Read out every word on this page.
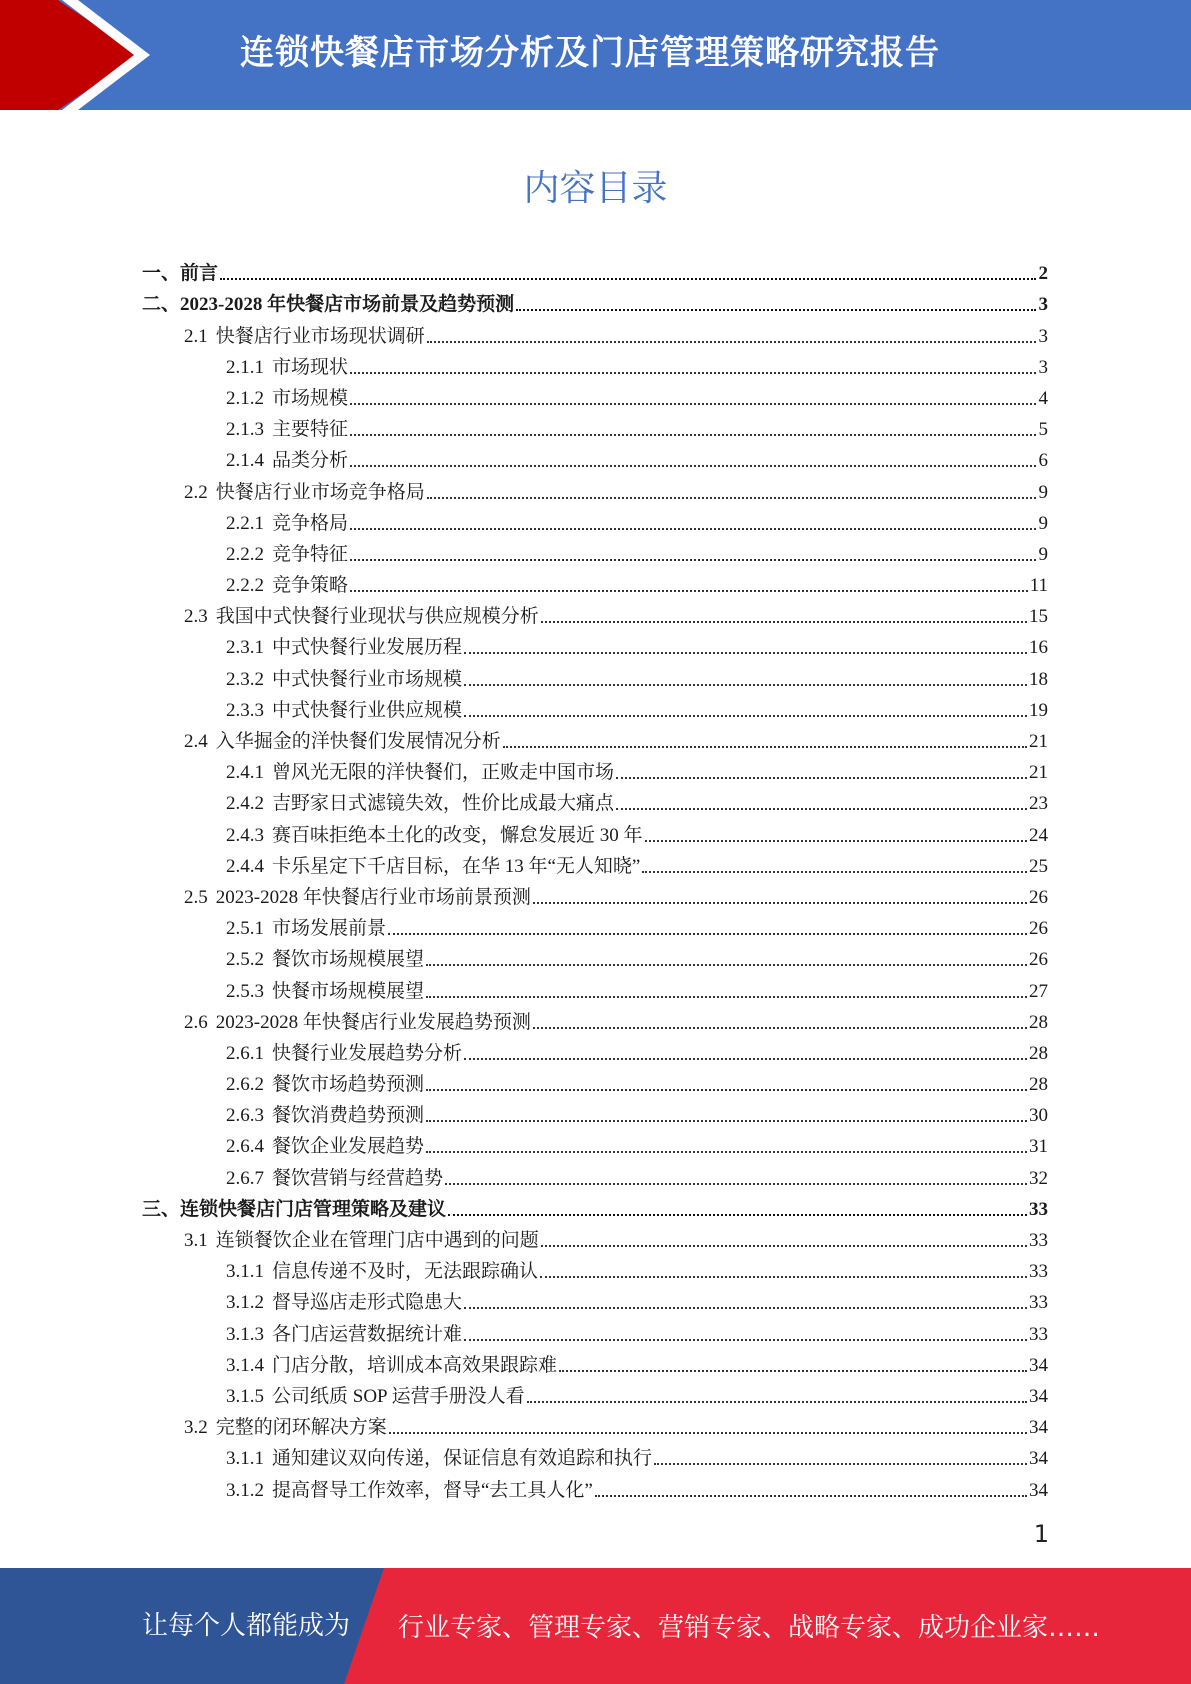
连锁快餐店市场分析及门店管理策略研究报告
内容目录
一、 前言	2
二、 2023-2028 年快餐店市场前景及趋势预测	3
2.1 快餐店行业市场现状调研	3
2.1.1 市场现状	3
2.1.2 市场规模	4
2.1.3 主要特征	5
2.1.4 品类分析	6
2.2 快餐店行业市场竞争格局	9
2.2.1 竞争格局	9
2.2.2 竞争特征	9
2.2.2 竞争策略	11
2.3 我国中式快餐行业现状与供应规模分析	15
2.3.1 中式快餐行业发展历程	16
2.3.2 中式快餐行业市场规模	18
2.3.3 中式快餐行业供应规模	19
2.4 入华掘金的洋快餐们发展情况分析	21
2.4.1 曾风光无限的洋快餐们，正败走中国市场	21
2.4.2 吉野家日式滤镜失效，性价比成最大痛点	23
2.4.3 赛百味拒绝本土化的改变，懈怠发展近 30 年	24
2.4.4 卡乐星定下千店目标，在华 13 年“无人知晓”	25
2.5 2023-2028 年快餐店行业市场前景预测	26
2.5.1 市场发展前景	26
2.5.2 餐饮市场规模展望	26
2.5.3 快餐市场规模展望	27
2.6 2023-2028 年快餐店行业发展趋势预测	28
2.6.1 快餐行业发展趋势分析	28
2.6.2 餐饮市场趋势预测	28
2.6.3 餐饮消费趋势预测	30
2.6.4 餐饮企业发展趋势	31
2.6.7 餐饮营销与经营趋势	32
三、 连锁快餐店门店管理策略及建议	33
3.1 连锁餐饮企业在管理门店中遇到的问题	33
3.1.1 信息传递不及时，无法跟踪确认	33
3.1.2 督导巡店走形式隐患大	33
3.1.3 各门店运营数据统计难	33
3.1.4 门店分散，培训成本高效果跟踪难	34
3.1.5 公司纸质 SOP 运营手册没人看	34
3.2 完整的闭环解决方案	34
3.1.1 通知建议双向传递，保证信息有效追踪和执行	34
3.1.2 提高督导工作效率，督导“去工具人化”	34
1
让每个人都能成为 行业专家、管理专家、营销专家、战略专家、成功企业家……
